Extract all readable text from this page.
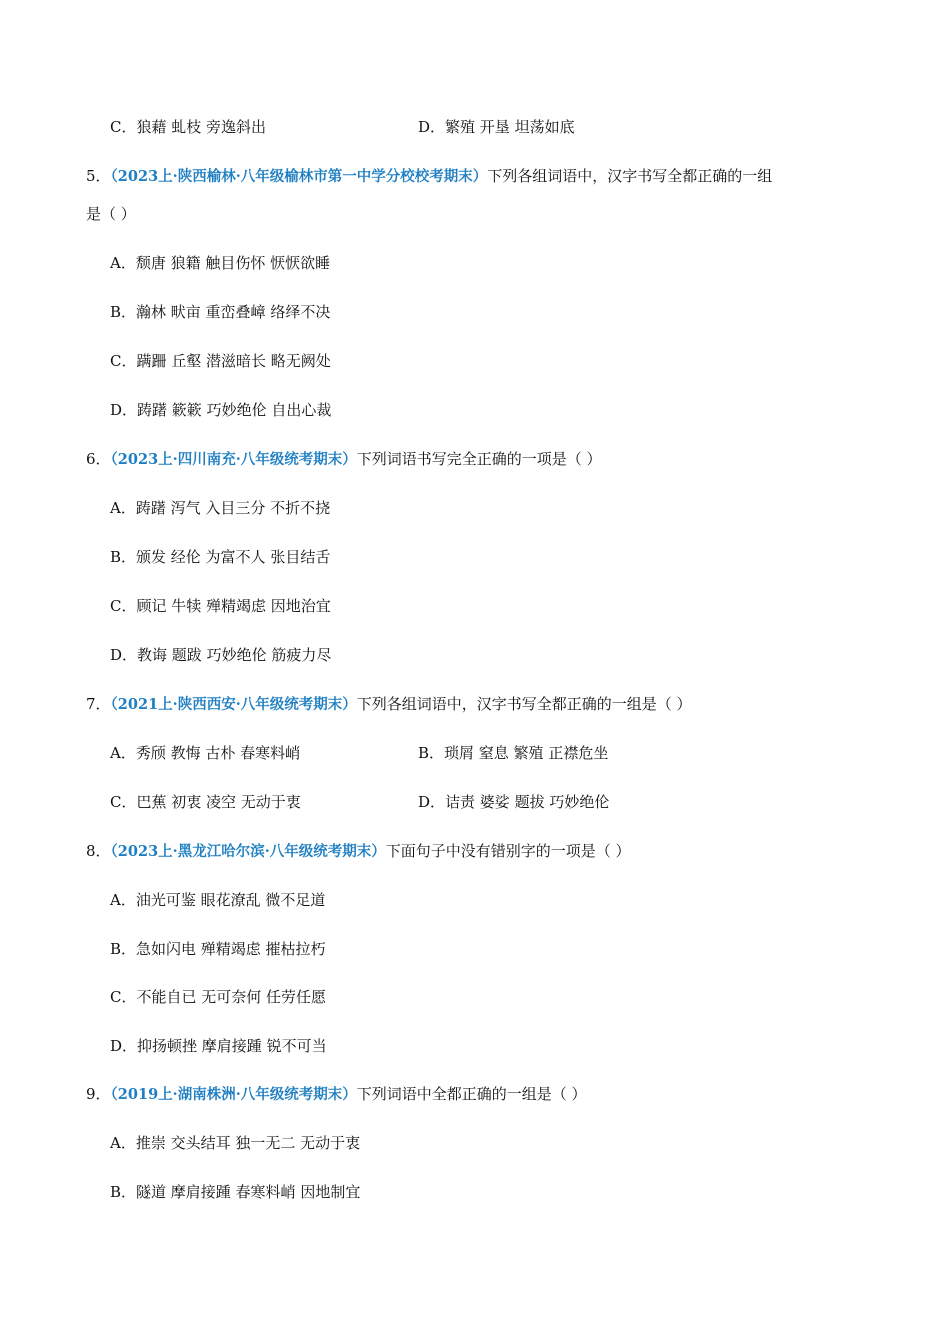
C．狼藉 虬枝 旁逸斜出	D．繁殖 开垦 坦荡如底
5．（2023上·陕西榆林·八年级榆林市第一中学分校校考期末）下列各组词语中，汉字书写全都正确的一组
是（ ）
A．颓唐 狼籍 触目伤怀 恹恹欲睡
B．瀚林 畎亩 重峦叠嶂 络绎不决
C．蹒跚 丘壑 潜滋暗长 略无阙处
D．踌躇 簌簌 巧妙绝伦 自出心裁
6．（2023上·四川南充·八年级统考期末）下列词语书写完全正确的一项是（ ）
A．踌躇 泻气 入目三分 不折不挠
B．颁发 经伦 为富不人 张目结舌
C．顾记 牛犊 殚精竭虑 因地治宜
D．教诲 题跋 巧妙绝伦 筋疲力尽
7．（2021上·陕西西安·八年级统考期末）下列各组词语中，汉字书写全都正确的一组是（ ）
A．秀颀 教悔 古朴 春寒料峭	B．琐屑 窒息 繁殖 正襟危坐
C．巴蕉 初衷 凌空 无动于衷	D．诘责 婆娑 题拔 巧妙绝伦
8．（2023上·黑龙江哈尔滨·八年级统考期末）下面句子中没有错别字的一项是（ ）
A．油光可鉴 眼花潦乱 微不足道
B．急如闪电 殚精竭虑 摧枯拉朽
C．不能自已 无可奈何 任劳任愿
D．抑扬顿挫 摩肩接踵 锐不可当
9．（2019上·湖南株洲·八年级统考期末）下列词语中全都正确的一组是（ ）
A．推崇 交头结耳 独一无二 无动于衷
B．隧道 摩肩接踵 春寒料峭 因地制宜
